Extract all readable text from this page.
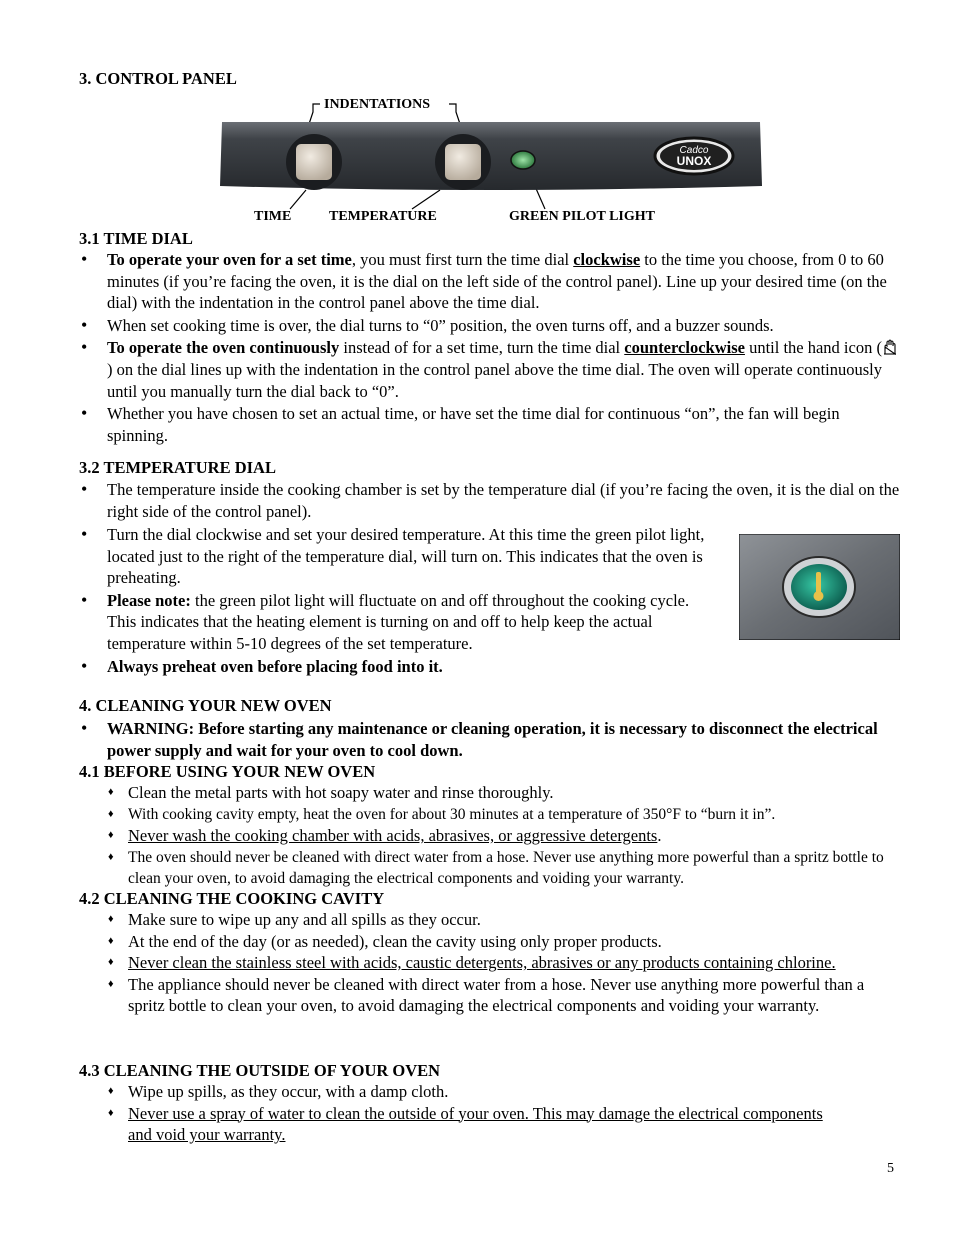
3. CONTROL PANEL
INDENTATIONS
Cadco
UNOX
TIME	TEMPERATURE	GREEN PILOT LIGHT
3.1 TIME DIAL
• To operate your oven for a set time, you must first turn the time dial clockwise to the time you choose, from 0 to 60 minutes (if you’re facing the oven, it is the dial on the left side of the control panel). Line up your desired time (on the dial) with the indentation in the control panel above the time dial.
• When set cooking time is over, the dial turns to “0” position, the oven turns off, and a buzzer sounds.
• To operate the oven continuously instead of for a set time, turn the time dial counterclockwise until the hand icon () on the dial lines up with the indentation in the control panel above the time dial. The oven will operate continuously until you manually turn the dial back to “0”.
• Whether you have chosen to set an actual time, or have set the time dial for continuous “on”, the fan will begin spinning.
3.2 TEMPERATURE DIAL
• The temperature inside the cooking chamber is set by the temperature dial (if you’re facing the oven, it is the dial on the right side of the control panel).
• Turn the dial clockwise and set your desired temperature. At this time the green pilot light, located just to the right of the temperature dial, will turn on. This indicates that the oven is preheating.
• Please note: the green pilot light will fluctuate on and off throughout the cooking cycle. This indicates that the heating element is turning on and off to help keep the actual temperature within 5-10 degrees of the set temperature.
• Always preheat oven before placing food into it.
4. CLEANING YOUR NEW OVEN
• WARNING: Before starting any maintenance or cleaning operation, it is necessary to disconnect the electrical power supply and wait for your oven to cool down.
4.1 BEFORE USING YOUR NEW OVEN
♦ Clean the metal parts with hot soapy water and rinse thoroughly.
♦ With cooking cavity empty, heat the oven for about 30 minutes at a temperature of 350°F to “burn it in”.
♦ Never wash the cooking chamber with acids, abrasives, or aggressive detergents.
♦ The oven should never be cleaned with direct water from a hose. Never use anything more powerful than a spritz bottle to clean your oven, to avoid damaging the electrical components and voiding your warranty.
4.2 CLEANING THE COOKING CAVITY
♦ Make sure to wipe up any and all spills as they occur.
♦ At the end of the day (or as needed), clean the cavity using only proper products.
♦ Never clean the stainless steel with acids, caustic detergents, abrasives or any products containing chlorine.
♦ The appliance should never be cleaned with direct water from a hose. Never use anything more powerful than a spritz bottle to clean your oven, to avoid damaging the electrical components and voiding your warranty.
4.3 CLEANING THE OUTSIDE OF YOUR OVEN
♦ Wipe up spills, as they occur, with a damp cloth.
♦ Never use a spray of water to clean the outside of your oven. This may damage the electrical components and void your warranty.
5
